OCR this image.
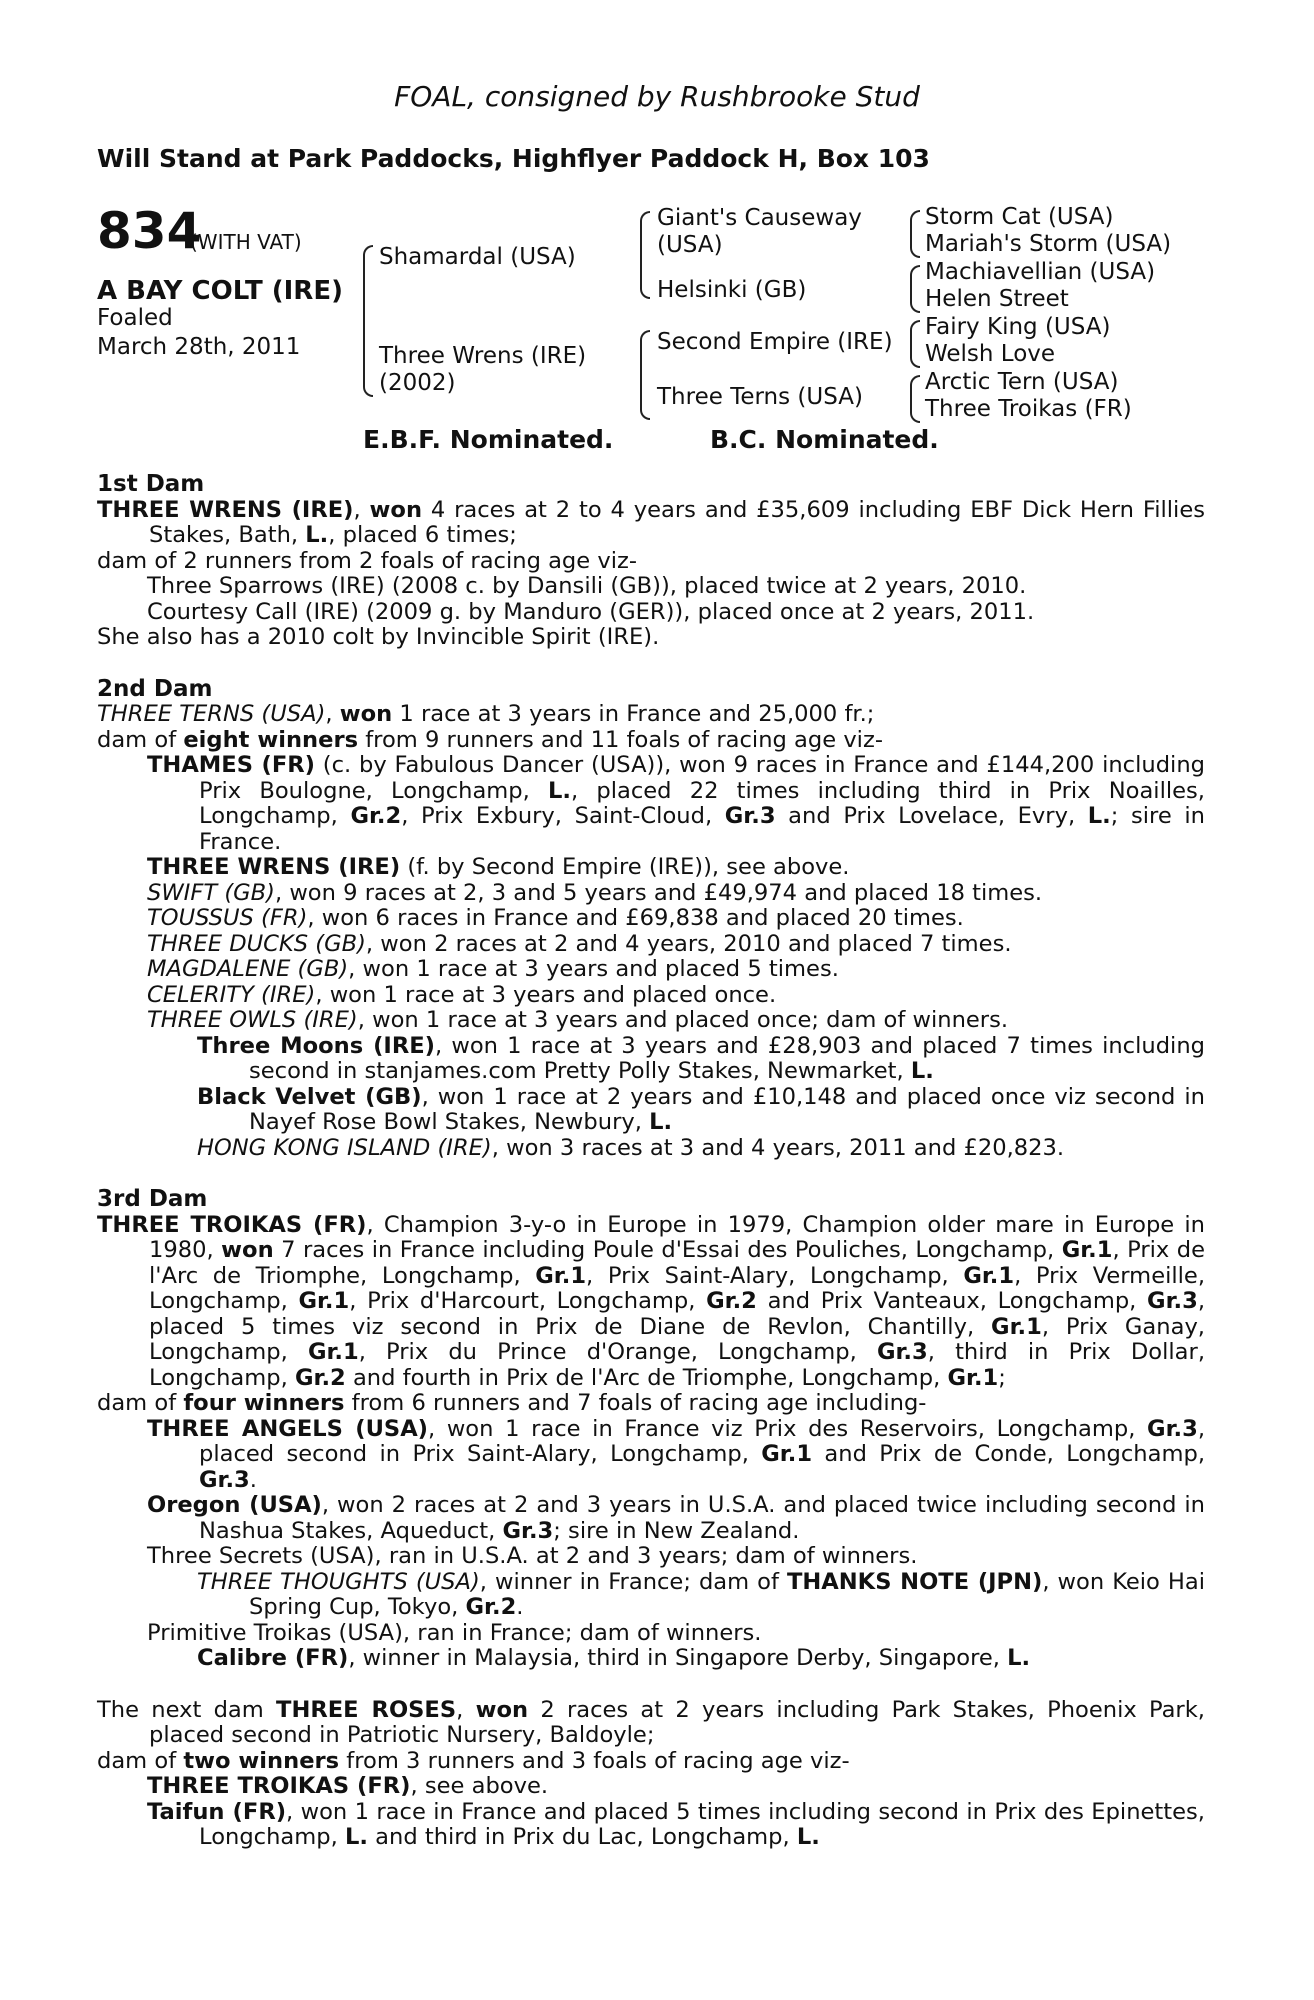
FOAL, consigned by Rushbrooke Stud
Will Stand at Park Paddocks, Highflyer Paddock H, Box 103
834
(WITH VAT)
A BAY COLT (IRE)
Foaled
March 28th, 2011
Shamardal (USA)
Three Wrens (IRE)
(2002)
Giant's Causeway
(USA)
Helsinki (GB)
Second Empire (IRE)
Three Terns (USA)
Storm Cat (USA)
Mariah's Storm (USA)
Machiavellian (USA)
Helen Street
Fairy King (USA)
Welsh Love
Arctic Tern (USA)
Three Troikas (FR)
E.B.F. Nominated.	B.C. Nominated.
1st Dam

THREE WRENS (IRE), won 4 races at 2 to 4 years and £35,609 including EBF Dick Hern Fillies Stakes, Bath, L., placed 6 times;

dam of 2 runners from 2 foals of racing age viz-

Three Sparrows (IRE) (2008 c. by Dansili (GB)), placed twice at 2 years, 2010.

Courtesy Call (IRE) (2009 g. by Manduro (GER)), placed once at 2 years, 2011.

She also has a 2010 colt by Invincible Spirit (IRE).

2nd Dam

THREE TERNS (USA), won 1 race at 3 years in France and 25,000 fr.;

dam of eight winners from 9 runners and 11 foals of racing age viz-

THAMES (FR) (c. by Fabulous Dancer (USA)), won 9 races in France and £144,200 including Prix Boulogne, Longchamp, L., placed 22 times including third in Prix Noailles, Longchamp, Gr.2, Prix Exbury, Saint-Cloud, Gr.3 and Prix Lovelace, Evry, L.; sire in France.

THREE WRENS (IRE) (f. by Second Empire (IRE)), see above.

SWIFT (GB), won 9 races at 2, 3 and 5 years and £49,974 and placed 18 times.

TOUSSUS (FR), won 6 races in France and £69,838 and placed 20 times.

THREE DUCKS (GB), won 2 races at 2 and 4 years, 2010 and placed 7 times.

MAGDALENE (GB), won 1 race at 3 years and placed 5 times.

CELERITY (IRE), won 1 race at 3 years and placed once.

THREE OWLS (IRE), won 1 race at 3 years and placed once; dam of winners.

Three Moons (IRE), won 1 race at 3 years and £28,903 and placed 7 times including second in stanjames.com Pretty Polly Stakes, Newmarket, L.

Black Velvet (GB), won 1 race at 2 years and £10,148 and placed once viz second in Nayef Rose Bowl Stakes, Newbury, L.

HONG KONG ISLAND (IRE), won 3 races at 3 and 4 years, 2011 and £20,823.

3rd Dam

THREE TROIKAS (FR), Champion 3-y-o in Europe in 1979, Champion older mare in Europe in 1980, won 7 races in France including Poule d'Essai des Pouliches, Longchamp, Gr.1, Prix de l'Arc de Triomphe, Longchamp, Gr.1, Prix Saint-Alary, Longchamp, Gr.1, Prix Vermeille, Longchamp, Gr.1, Prix d'Harcourt, Longchamp, Gr.2 and Prix Vanteaux, Longchamp, Gr.3, placed 5 times viz second in Prix de Diane de Revlon, Chantilly, Gr.1, Prix Ganay, Longchamp, Gr.1, Prix du Prince d'Orange, Longchamp, Gr.3, third in Prix Dollar, Longchamp, Gr.2 and fourth in Prix de l'Arc de Triomphe, Longchamp, Gr.1;

dam of four winners from 6 runners and 7 foals of racing age including-

THREE ANGELS (USA), won 1 race in France viz Prix des Reservoirs, Longchamp, Gr.3, placed second in Prix Saint-Alary, Longchamp, Gr.1 and Prix de Conde, Longchamp, Gr.3.

Oregon (USA), won 2 races at 2 and 3 years in U.S.A. and placed twice including second in Nashua Stakes, Aqueduct, Gr.3; sire in New Zealand.

Three Secrets (USA), ran in U.S.A. at 2 and 3 years; dam of winners.

THREE THOUGHTS (USA), winner in France; dam of THANKS NOTE (JPN), won Keio Hai Spring Cup, Tokyo, Gr.2.

Primitive Troikas (USA), ran in France; dam of winners.

Calibre (FR), winner in Malaysia, third in Singapore Derby, Singapore, L.

The next dam THREE ROSES, won 2 races at 2 years including Park Stakes, Phoenix Park, placed second in Patriotic Nursery, Baldoyle;

dam of two winners from 3 runners and 3 foals of racing age viz-

THREE TROIKAS (FR), see above.

Taifun (FR), won 1 race in France and placed 5 times including second in Prix des Epinettes, Longchamp, L. and third in Prix du Lac, Longchamp, L.
